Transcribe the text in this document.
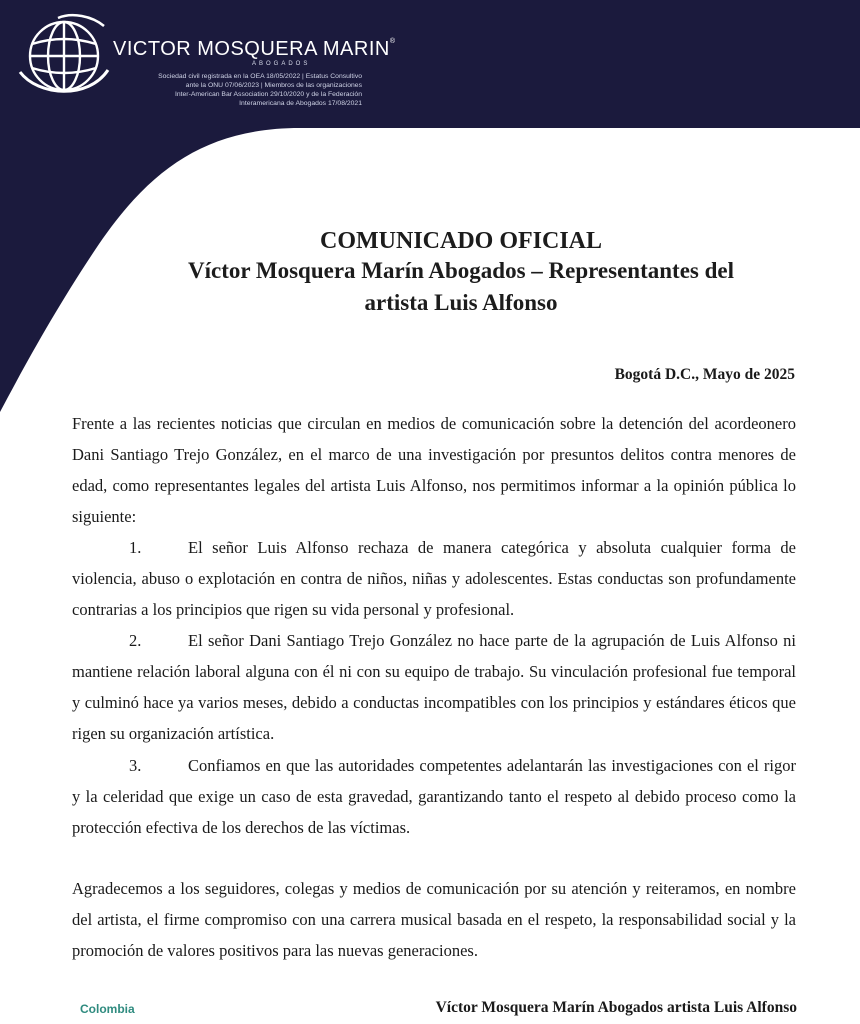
VICTOR MOSQUERA MARIN®
ABOGADOS
Sociedad civil registrada en la OEA 18/05/2022 | Estatus Consultivo
ante la ONU 07/06/2023 | Miembros de las organizaciones
Inter-American Bar Association 29/10/2020 y de la Federación
Interamericana de Abogados 17/08/2021
COMUNICADO OFICIAL
Víctor Mosquera Marín Abogados – Representantes del
artista Luis Alfonso
Bogotá D.C., Mayo de 2025

Frente a las recientes noticias que circulan en medios de comunicación sobre la detención del acordeonero Dani Santiago Trejo González, en el marco de una investigación por presuntos delitos contra menores de edad, como representantes legales del artista Luis Alfonso, nos permitimos informar a la opinión pública lo siguiente:

1.	El señor Luis Alfonso rechaza de manera categórica y absoluta cualquier forma de violencia, abuso o explotación en contra de niños, niñas y adolescentes. Estas conductas son profundamente contrarias a los principios que rigen su vida personal y profesional.

2.	El señor Dani Santiago Trejo González no hace parte de la agrupación de Luis Alfonso ni mantiene relación laboral alguna con él ni con su equipo de trabajo. Su vinculación profesional fue temporal y culminó hace ya varios meses, debido a conductas incompatibles con los principios y estándares éticos que rigen su organización artística.

3.	Confiamos en que las autoridades competentes adelantarán las investigaciones con el rigor y la celeridad que exige un caso de esta gravedad, garantizando tanto el respeto al debido proceso como la protección efectiva de los derechos de las víctimas.

Agradecemos a los seguidores, colegas y medios de comunicación por su atención y reiteramos, en nombre del artista, el firme compromiso con una carrera musical basada en el respeto, la responsabilidad social y la promoción de valores positivos para las nuevas generaciones.

Colombia	Víctor Mosquera Marín Abogados artista Luis Alfonso
